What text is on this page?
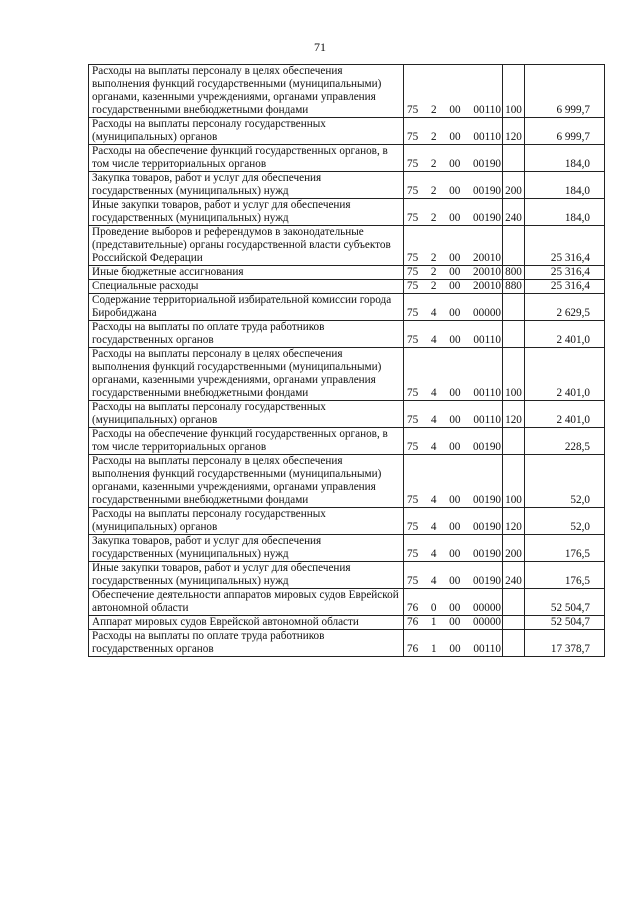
71
Расходы на выплаты персоналу в целях обеспечения выполнения функций государственными (муниципальными) органами, казенными учреждениями, органами управления государственными внебюджетными фондами	75 2 00 00110	100	6 999,7
Расходы на выплаты персоналу государственных (муниципальных) органов	75 2 00 00110	120	6 999,7
Расходы на обеспечение функций государственных органов, в том числе территориальных органов	75 2 00 00190		184,0
Закупка товаров, работ и услуг для обеспечения государственных (муниципальных) нужд	75 2 00 00190	200	184,0
Иные закупки товаров, работ и услуг для обеспечения государственных (муниципальных) нужд	75 2 00 00190	240	184,0
Проведение выборов и референдумов в законодательные (представительные) органы государственной власти субъектов Российской Федерации	75 2 00 20010		25 316,4
Иные бюджетные ассигнования	75 2 00 20010	800	25 316,4
Специальные расходы	75 2 00 20010	880	25 316,4
Содержание территориальной избирательной комиссии города Биробиджана	75 4 00 00000		2 629,5
Расходы на выплаты по оплате труда работников государственных органов	75 4 00 00110		2 401,0
Расходы на выплаты персоналу в целях обеспечения выполнения функций государственными (муниципальными) органами, казенными учреждениями, органами управления государственными внебюджетными фондами	75 4 00 00110	100	2 401,0
Расходы на выплаты персоналу государственных (муниципальных) органов	75 4 00 00110	120	2 401,0
Расходы на обеспечение функций государственных органов, в том числе территориальных органов	75 4 00 00190		228,5
Расходы на выплаты персоналу в целях обеспечения выполнения функций государственными (муниципальными) органами, казенными учреждениями, органами управления государственными внебюджетными фондами	75 4 00 00190	100	52,0
Расходы на выплаты персоналу государственных (муниципальных) органов	75 4 00 00190	120	52,0
Закупка товаров, работ и услуг для обеспечения государственных (муниципальных) нужд	75 4 00 00190	200	176,5
Иные закупки товаров, работ и услуг для обеспечения государственных (муниципальных) нужд	75 4 00 00190	240	176,5
Обеспечение деятельности аппаратов мировых судов Еврейской автономной области	76 0 00 00000		52 504,7
Аппарат мировых судов Еврейской автономной области	76 1 00 00000		52 504,7
Расходы на выплаты по оплате труда работников государственных органов	76 1 00 00110		17 378,7
